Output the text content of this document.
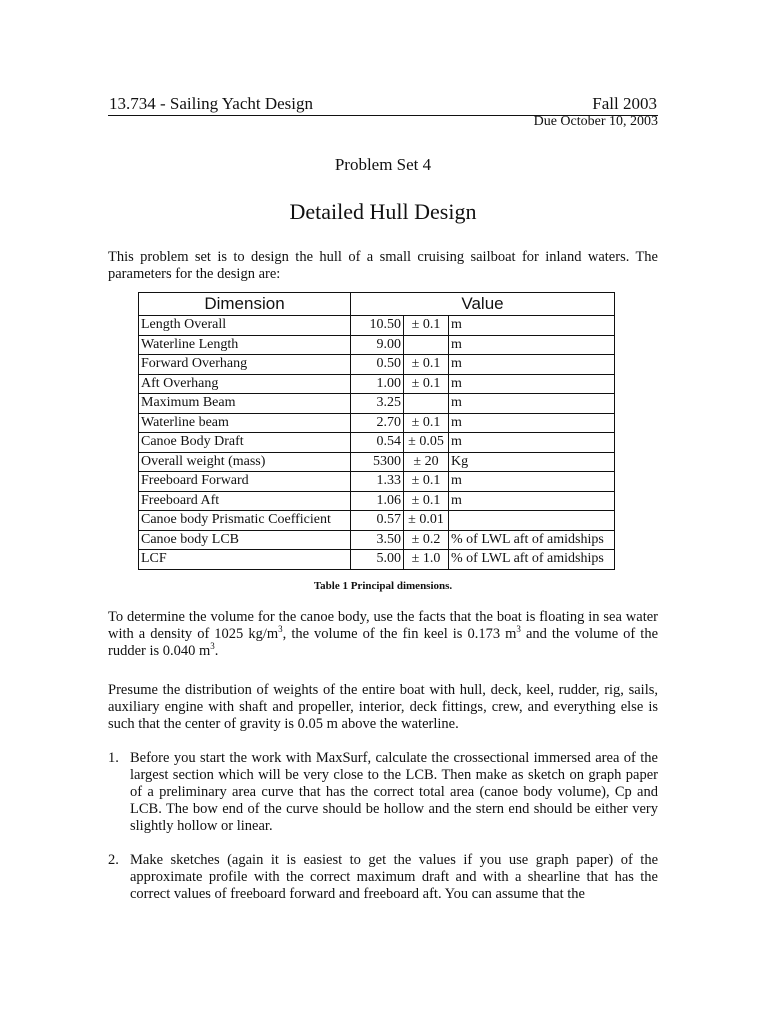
13.734 - Sailing Yacht Design	Fall 2003
Due October 10, 2003
Problem Set 4
Detailed Hull Design

This problem set is to design the hull of a small cruising sailboat for inland waters. The parameters for the design are:

Dimension	Value		
Length Overall	10.50	± 0.1	m
Waterline Length	9.00		m
Forward Overhang	0.50	± 0.1	m
Aft Overhang	1.00	± 0.1	m
Maximum Beam	3.25		m
Waterline beam	2.70	± 0.1	m
Canoe Body Draft	0.54	± 0.05	m
Overall weight (mass)	5300	± 20	Kg
Freeboard Forward	1.33	± 0.1	m
Freeboard Aft	1.06	± 0.1	m
Canoe body Prismatic Coefficient	0.57	± 0.01	
Canoe body LCB	3.50	± 0.2	% of LWL aft of amidships
LCF	5.00	± 1.0	% of LWL aft of amidships
Table 1 Principal dimensions.

To determine the volume for the canoe body, use the facts that the boat is floating in sea water with a density of 1025 $kg/m^3$, the volume of the fin keel is 0.173 $m^3$ and the volume of the rudder is 0.040 $m^3$.

Presume the distribution of weights of the entire boat with hull, deck, keel, rudder, rig, sails, auxiliary engine with shaft and propeller, interior, deck fittings, crew, and everything else is such that the center of gravity is 0.05 m above the waterline.

1. Before you start the work with MaxSurf, calculate the crossectional immersed area of the largest section which will be very close to the LCB. Then make as sketch on graph paper of a preliminary area curve that has the correct total area (canoe body volume), Cp and LCB. The bow end of the curve should be hollow and the stern end should be either very slightly hollow or linear.
2. Make sketches (again it is easiest to get the values if you use graph paper) of the approximate profile with the correct maximum draft and with a shearline that has the correct values of freeboard forward and freeboard aft. You can assume that the
